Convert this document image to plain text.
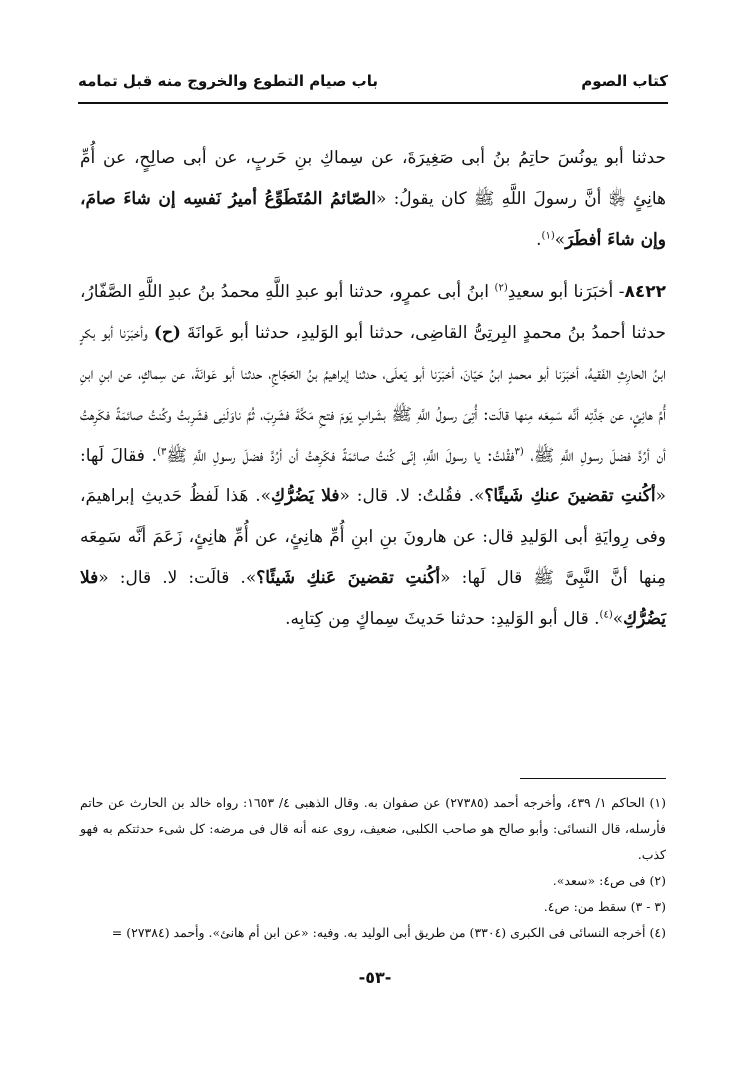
كتاب الصوم
باب صيام التطوع والخروج منه قبل تمامه

حدثنا أبو يونُسَ حاتِمُ بنُ أبى صَغِيرَةَ، عن سِماكِ بنِ حَربٍ، عن أبى صالِحٍ، عن أُمِّ هانِئٍ ﵂ أنَّ رسولَ اللَّهِ ﷺ كان يقولُ: «الصّائمُ المُتَطَوِّعُ أميرُ نَفسِه إن شاءَ صامَ، وإن شاءَ أفطَرَ»$^{(١)}$.

٨٤٢٢- أخبَرَنا أبو سعيدِ$^{(٢)}$ ابنُ أبى عمرٍو، حدثنا أبو عبدِ اللَّهِ محمدُ بنُ عبدِ اللَّهِ الصَّفّارُ، حدثنا أحمدُ بنُ محمدٍ البِرتِىُّ القاضِى، حدثنا أبو الوَليدِ، حدثنا أبو عَوانَةَ (ح) وأخبَرَنا أبو بكرٍ ابنُ الحارِثِ الفَقيهُ، أخبَرَنا أبو محمدٍ ابنُ حَيّانَ، أخبَرَنا أبو يَعلَى، حدثنا إبراهيمُ بنُ الحَجّاجِ، حدثنا أبو عَوانَةَ، عن سِماكٍ، عن ابنِ ابنِ أُمِّ هانِئٍ، عن جَدَّتِه أنَّه سَمِعَه مِنها قالَت: أُتِىَ رسولُ اللَّهِ ﷺ بشَرابٍ يَومَ فتحِ مَكَّةَ فشَرِبَ، ثُمَّ ناوَلَنِى فشَرِبتُ وكُنتُ صائمَةً فكَرِهتُ أن أرُدَّ فضلَ رسولِ اللَّهِ ﷺ، $^{(٣}$فقُلتُ: يا رسولَ اللَّهِ، إنّى كُنتُ صائمَةً فكَرِهتُ أن أرُدَّ فضلَ رسولِ اللَّهِ ﷺ$^{٣)}$. فقالَ لَها: «أكُنتِ تقضينَ عنكِ شَيئًا؟». فقُلتُ: لا. قال: «فلا يَضُرُّكِ». هَذا لَفظُ حَديثِ إبراهيمَ، وفى رِوايَةِ أبى الوَليدِ قال: عن هارونَ بنِ ابنِ أُمِّ هانِئٍ، عن أُمِّ هانِئٍ، زَعَمَ أنَّه سَمِعَه مِنها أنَّ النَّبِىَّ ﷺ قال لَها: «أكُنتِ تقضينَ عَنكِ شَيئًا؟». قالَت: لا. قال: «فلا يَضُرُّكِ»$^{(٤)}$. قال أبو الوَليدِ: حدثنا حَديثَ سِماكٍ مِن كِتابِه.

(١) الحاكم ١/ ٤٣٩، وأخرجه أحمد (٢٧٣٨٥) عن صفوان به. وقال الذهبى ٤/ ١٦٥٣: رواه خالد بن الحارث عن حاتم فأرسله، قال النسائى: وأبو صالح هو صاحب الكلبى، ضعيف، روى عنه أنه قال فى مرضه: كل شىء حدثتكم به فهو كذب.

(٢) فى ص٤: «سعد».

(٣ - ٣) سقط من: ص٤.

(٤) أخرجه النسائى فى الكبرى (٣٣٠٤) من طريق أبى الوليد به. وفيه: «عن ابن أم هانئ». وأحمد (٢٧٣٨٤) =

-٥٣-
